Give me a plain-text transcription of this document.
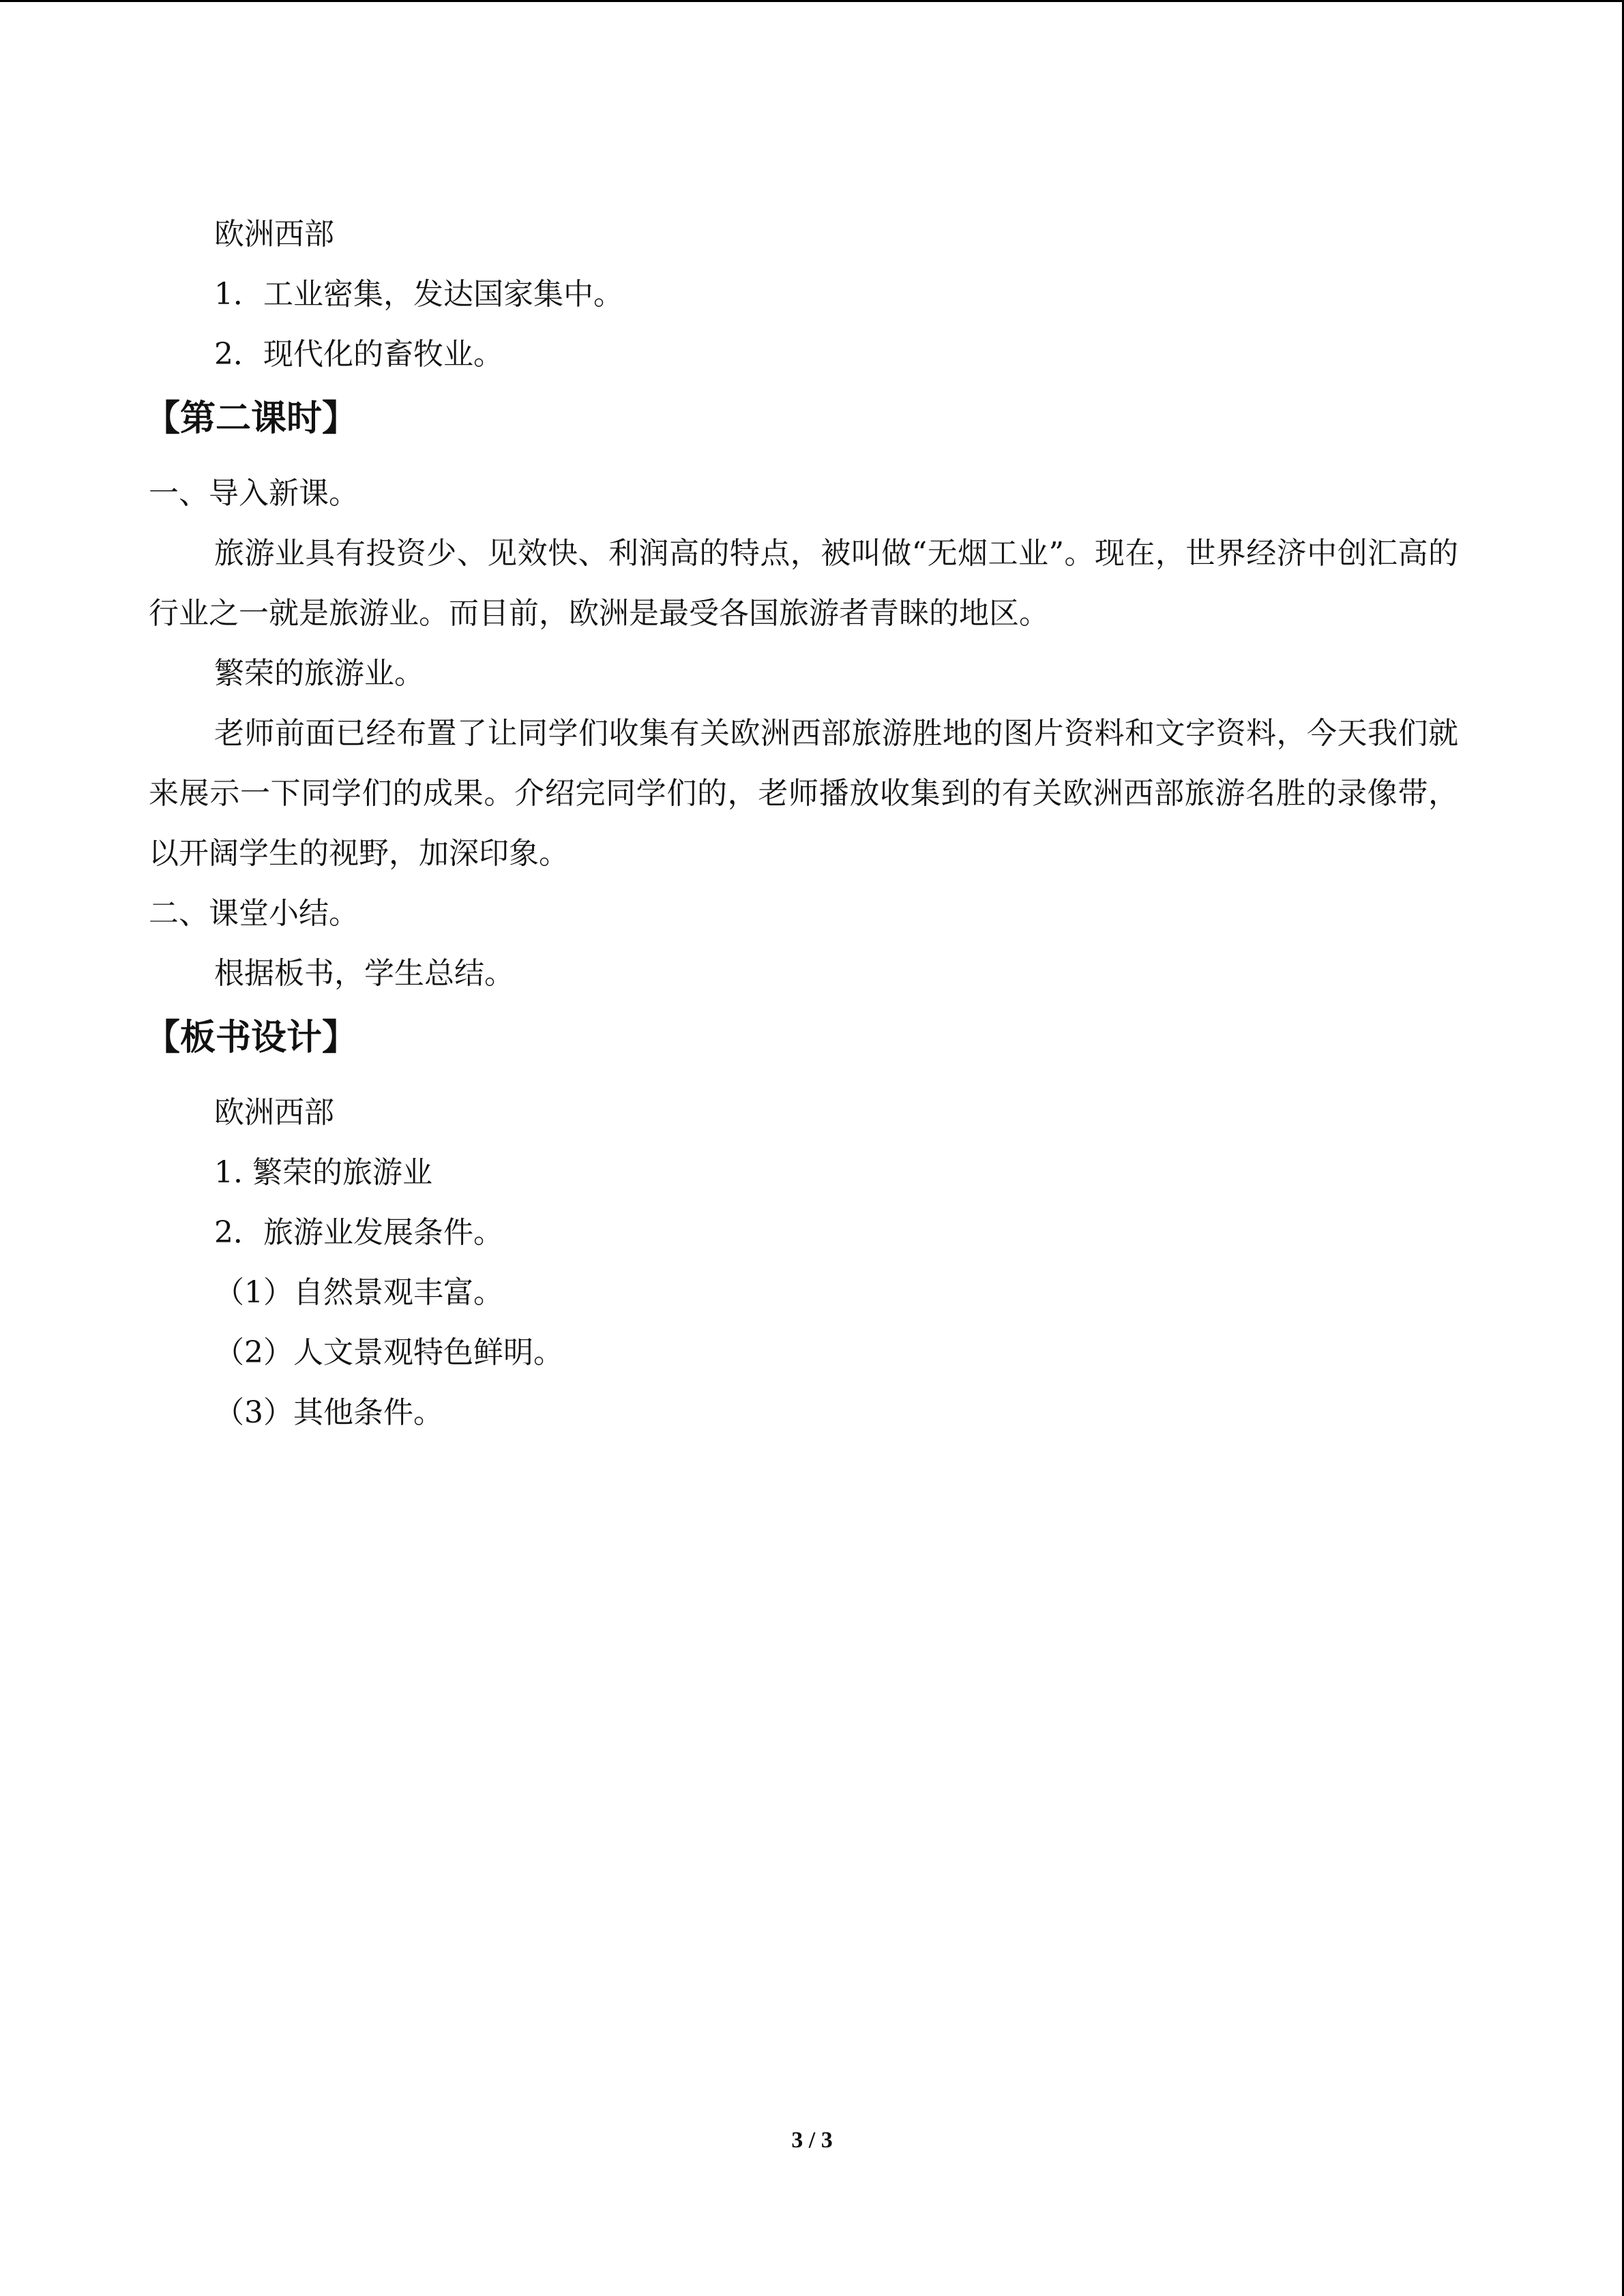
欧洲西部
1．工业密集，发达国家集中。
2．现代化的畜牧业。
【第二课时】
一、导入新课。
旅游业具有投资少、见效快、利润高的特点，被叫做“无烟工业”。现在，世界经济中创汇高的行业之一就是旅游业。而目前，欧洲是最受各国旅游者青睐的地区。
繁荣的旅游业。
老师前面已经布置了让同学们收集有关欧洲西部旅游胜地的图片资料和文字资料，今天我们就来展示一下同学们的成果。介绍完同学们的，老师播放收集到的有关欧洲西部旅游名胜的录像带，以开阔学生的视野，加深印象。
二、课堂小结。
根据板书，学生总结。
【板书设计】
欧洲西部
1. 繁荣的旅游业
2．旅游业发展条件。
（1）自然景观丰富。
（2）人文景观特色鲜明。
（3）其他条件。
3 / 3
